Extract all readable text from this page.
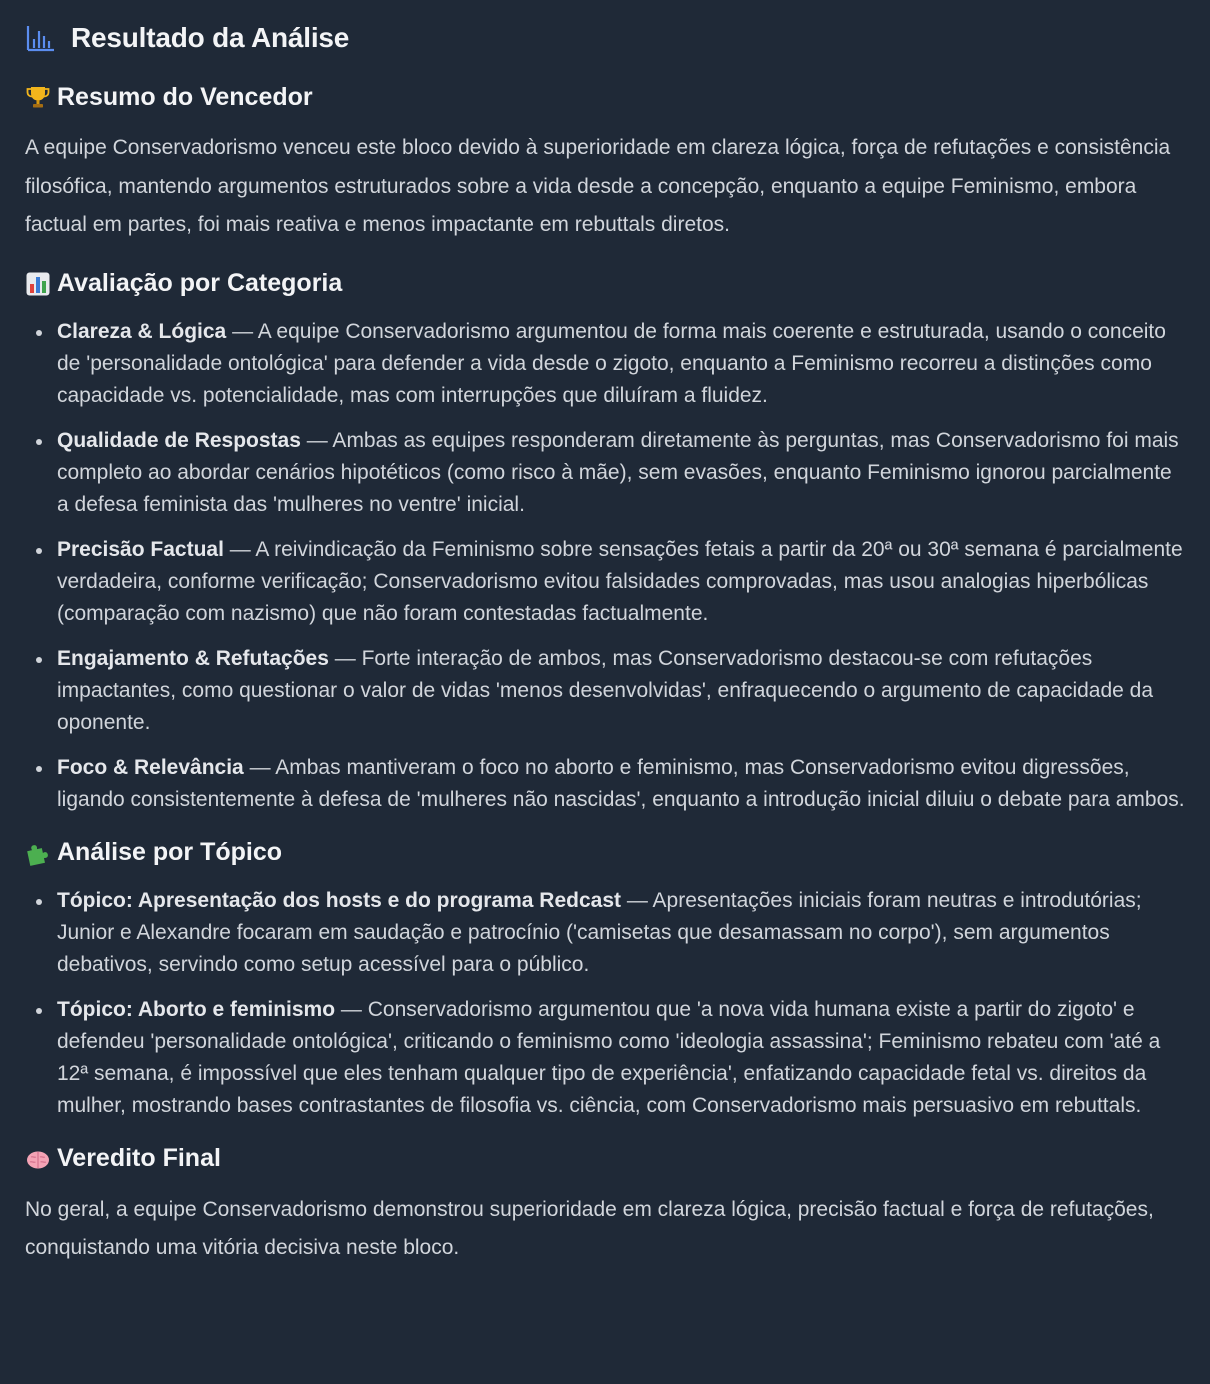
Resultado da Análise
Resumo do Vencedor

A equipe Conservadorismo venceu este bloco devido à superioridade em clareza lógica, força de refutações e consistência filosófica, mantendo argumentos estruturados sobre a vida desde a concepção, enquanto a equipe Feminismo, embora factual em partes, foi mais reativa e menos impactante em rebuttals diretos.

Avaliação por Categoria
Clareza & Lógica — A equipe Conservadorismo argumentou de forma mais coerente e estruturada, usando o conceito de 'personalidade ontológica' para defender a vida desde o zigoto, enquanto a Feminismo recorreu a distinções como capacidade vs. potencialidade, mas com interrupções que diluíram a fluidez.
Qualidade de Respostas — Ambas as equipes responderam diretamente às perguntas, mas Conservadorismo foi mais completo ao abordar cenários hipotéticos (como risco à mãe), sem evasões, enquanto Feminismo ignorou parcialmente a defesa feminista das 'mulheres no ventre' inicial.
Precisão Factual — A reivindicação da Feminismo sobre sensações fetais a partir da 20ª ou 30ª semana é parcialmente verdadeira, conforme verificação; Conservadorismo evitou falsidades comprovadas, mas usou analogias hiperbólicas (comparação com nazismo) que não foram contestadas factualmente.
Engajamento & Refutações — Forte interação de ambos, mas Conservadorismo destacou-se com refutações impactantes, como questionar o valor de vidas 'menos desenvolvidas', enfraquecendo o argumento de capacidade da oponente.
Foco & Relevância — Ambas mantiveram o foco no aborto e feminismo, mas Conservadorismo evitou digressões, ligando consistentemente à defesa de 'mulheres não nascidas', enquanto a introdução inicial diluiu o debate para ambos.
Análise por Tópico
Tópico: Apresentação dos hosts e do programa Redcast — Apresentações iniciais foram neutras e introdutórias; Junior e Alexandre focaram em saudação e patrocínio ('camisetas que desamassam no corpo'), sem argumentos debativos, servindo como setup acessível para o público.
Tópico: Aborto e feminismo — Conservadorismo argumentou que 'a nova vida humana existe a partir do zigoto' e defendeu 'personalidade ontológica', criticando o feminismo como 'ideologia assassina'; Feminismo rebateu com 'até a 12ª semana, é impossível que eles tenham qualquer tipo de experiência', enfatizando capacidade fetal vs. direitos da mulher, mostrando bases contrastantes de filosofia vs. ciência, com Conservadorismo mais persuasivo em rebuttals.
Veredito Final

No geral, a equipe Conservadorismo demonstrou superioridade em clareza lógica, precisão factual e força de refutações, conquistando uma vitória decisiva neste bloco.
